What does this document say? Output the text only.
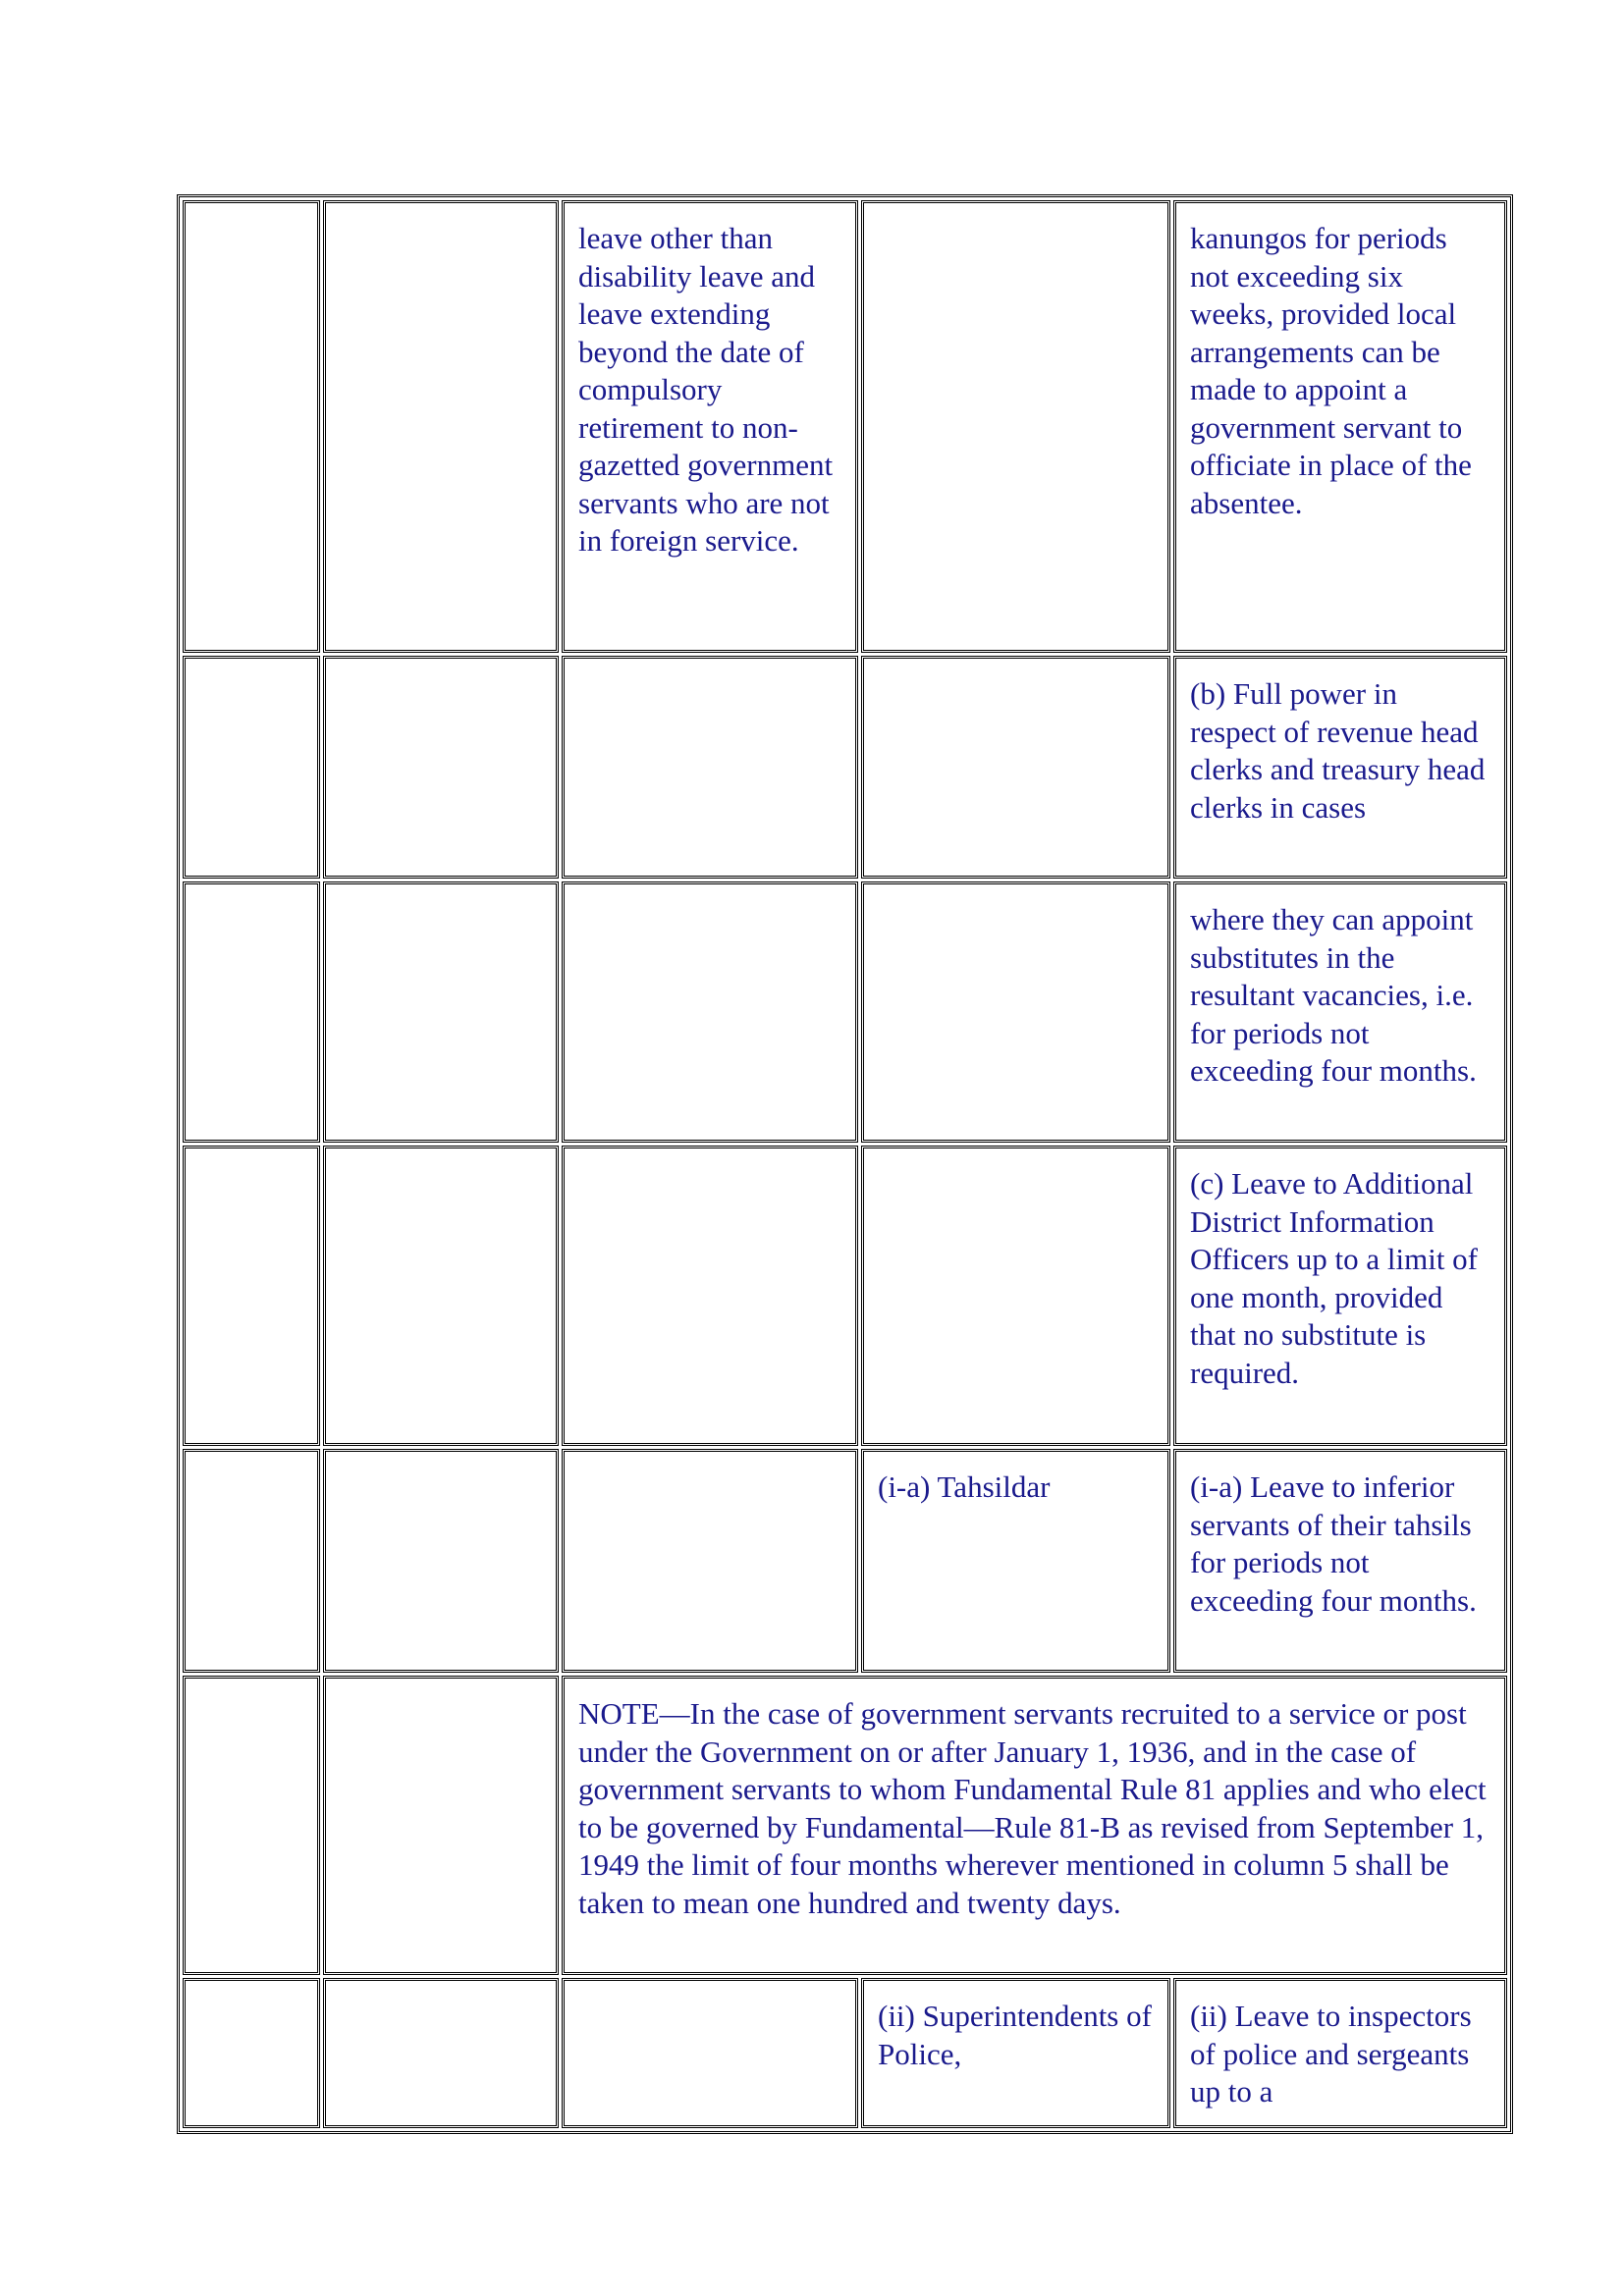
		leave other than disability leave and leave extending beyond the date of compulsory retirement to non-gazetted government servants who are not in foreign service.		kanungos for periods not exceeding six weeks, provided local arrangements can be made to appoint a government servant to officiate in place of the absentee.
				(b) Full power in respect of revenue head clerks and treasury head clerks in cases
				where they can appoint substitutes in the resultant vacancies, i.e. for periods not exceeding four months.
				(c) Leave to Additional District Information Officers up to a limit of one month, provided that no substitute is required.
			(i-a) Tahsildar	(i-a) Leave to inferior servants of their tahsils for periods not exceeding four months.
		NOTE—In the case of government servants recruited to a service or post under the Government on or after January 1, 1936, and in the case of government servants to whom Fundamental Rule 81 applies and who elect to be governed by Fundamental—Rule 81-B as revised from September 1, 1949 the limit of four months wherever mentioned in column 5 shall be taken to mean one hundred and twenty days.		
			(ii) Superintendents of Police,	(ii) Leave to inspectors of police and sergeants up to a
